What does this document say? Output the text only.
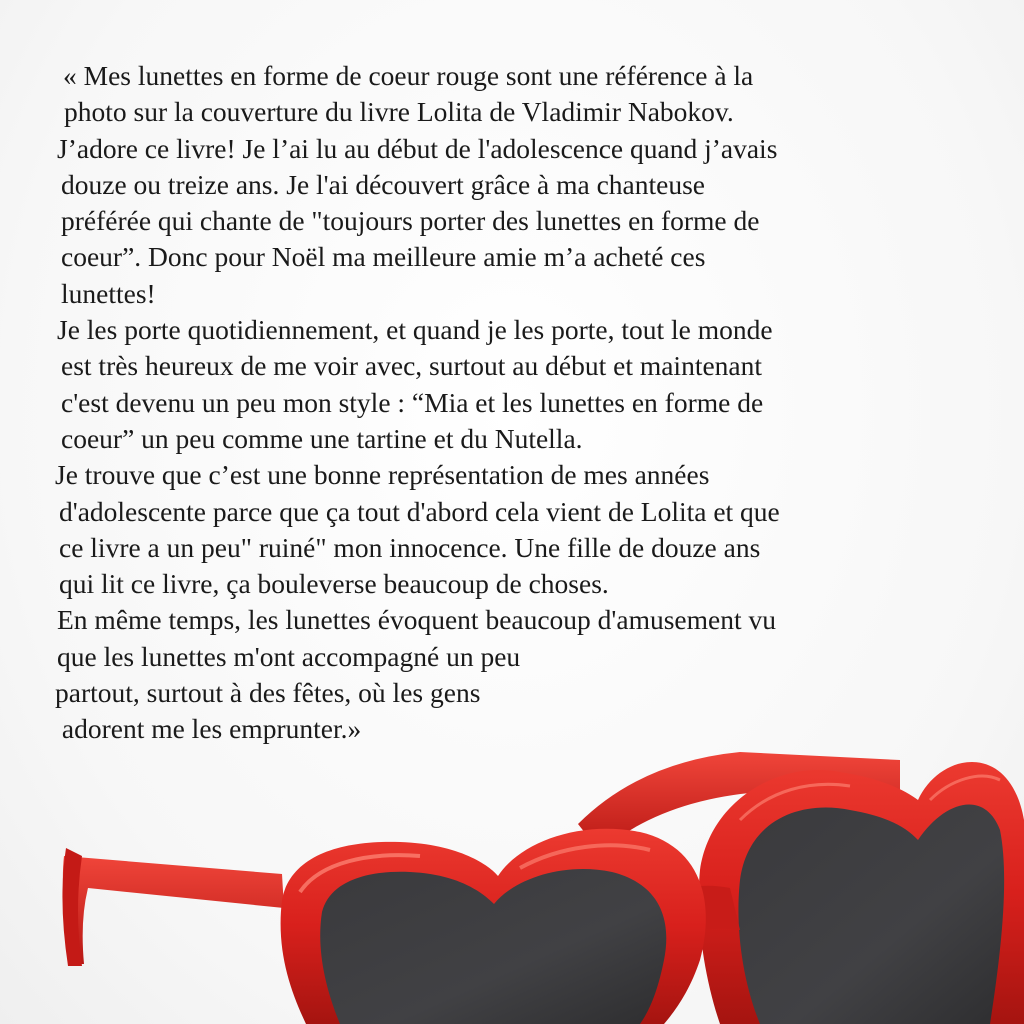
« Mes lunettes en forme de coeur rouge sont une référence à la
photo sur la couverture du livre Lolita de Vladimir Nabokov.
J’adore ce livre! Je l’ai lu au début de l'adolescence quand j’avais
douze ou treize ans. Je l'ai découvert grâce à ma chanteuse
préférée qui chante de "toujours porter des lunettes en forme de
coeur”. Donc pour Noël ma meilleure amie m’a acheté ces
lunettes!
Je les porte quotidiennement, et quand je les porte, tout le monde
est très heureux de me voir avec, surtout au début et maintenant
c'est devenu un peu mon style : “Mia et les lunettes en forme de
coeur” un peu comme une tartine et du Nutella.
Je trouve que c’est une bonne représentation de mes années
d'adolescente parce que ça tout d'abord cela vient de Lolita et que
ce livre a un peu" ruiné" mon innocence. Une fille de douze ans
qui lit ce livre, ça bouleverse beaucoup de choses.
En même temps, les lunettes évoquent beaucoup d'amusement vu
que les lunettes m'ont accompagné un peu
partout, surtout à des fêtes, où les gens
adorent me les emprunter.»
